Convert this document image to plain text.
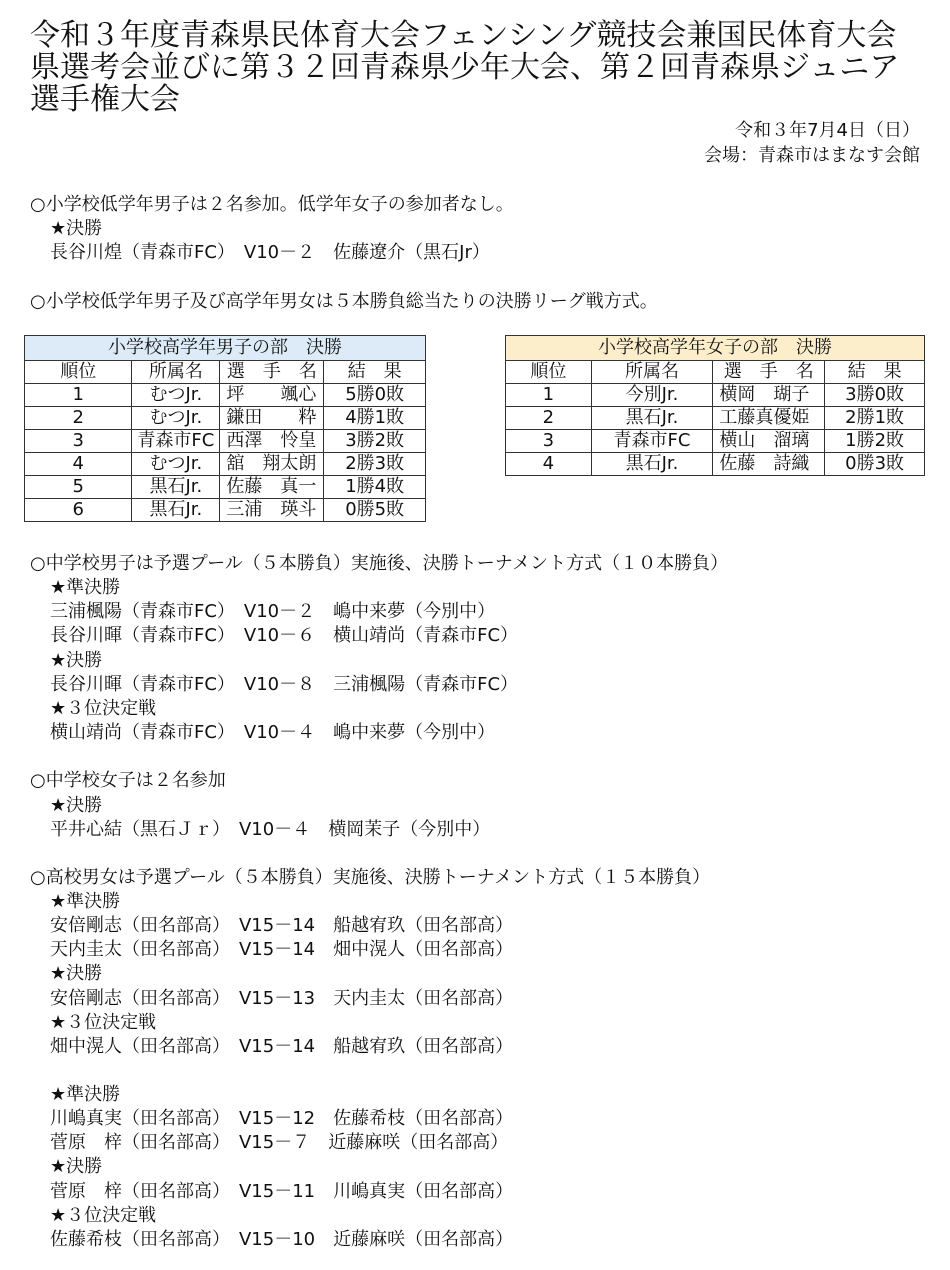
令和３年度青森県民体育大会フェンシング競技会兼国民体育大会
県選考会並びに第３２回青森県少年大会、第２回青森県ジュニア
選手権大会
令和３年7月4日（日）
会場：青森市はまなす会館
○小学校低学年男子は２名参加。低学年女子の参加者なし。
★決勝
長谷川煌（青森市FC）　V10－２　佐藤遼介（黒石Jr）
○小学校低学年男子及び高学年男女は５本勝負総当たりの決勝リーグ戦方式。
小学校高学年男子の部　決勝			
順位	所属名	選　手　名	結　果
1	むつJr.	坪　　颯心	5勝0敗
2	むつJr.	鎌田　　粋	4勝1敗
3	青森市FC	西澤　怜皇	3勝2敗
4	むつJr.	舘　翔太朗	2勝3敗
5	黒石Jr.	佐藤　真一	1勝4敗
6	黒石Jr.	三浦　瑛斗	0勝5敗
小学校高学年女子の部　決勝			
順位	所属名	選　手　名	結　果
1	今別Jr.	横岡　瑚子	3勝0敗
2	黒石Jr.	工藤真優姫	2勝1敗
3	青森市FC	横山　溜璃	1勝2敗
4	黒石Jr.	佐藤　詩織	0勝3敗
○中学校男子は予選プール（５本勝負）実施後、決勝トーナメント方式（１０本勝負）
★準決勝
三浦楓陽（青森市FC）　V10－２　嶋中来夢（今別中）
長谷川暉（青森市FC）　V10－６　横山靖尚（青森市FC）
★決勝
長谷川暉（青森市FC）　V10－８　三浦楓陽（青森市FC）
★３位決定戦
横山靖尚（青森市FC）　V10－４　嶋中来夢（今別中）
○中学校女子は２名参加
★決勝
平井心結（黒石Ｊｒ）　V10－４　横岡茉子（今別中）
○高校男女は予選プール（５本勝負）実施後、決勝トーナメント方式（１５本勝負）
★準決勝
安倍剛志（田名部高）　V15－14　船越宥玖（田名部高）
天内圭太（田名部高）　V15－14　畑中滉人（田名部高）
★決勝
安倍剛志（田名部高）　V15－13　天内圭太（田名部高）
★３位決定戦
畑中滉人（田名部高）　V15－14　船越宥玖（田名部高）
★準決勝
川嶋真実（田名部高）　V15－12　佐藤希枝（田名部高）
菅原　梓（田名部高）　V15－７　近藤麻咲（田名部高）
★決勝
菅原　梓（田名部高）　V15－11　川嶋真実（田名部高）
★３位決定戦
佐藤希枝（田名部高）　V15－10　近藤麻咲（田名部高）
